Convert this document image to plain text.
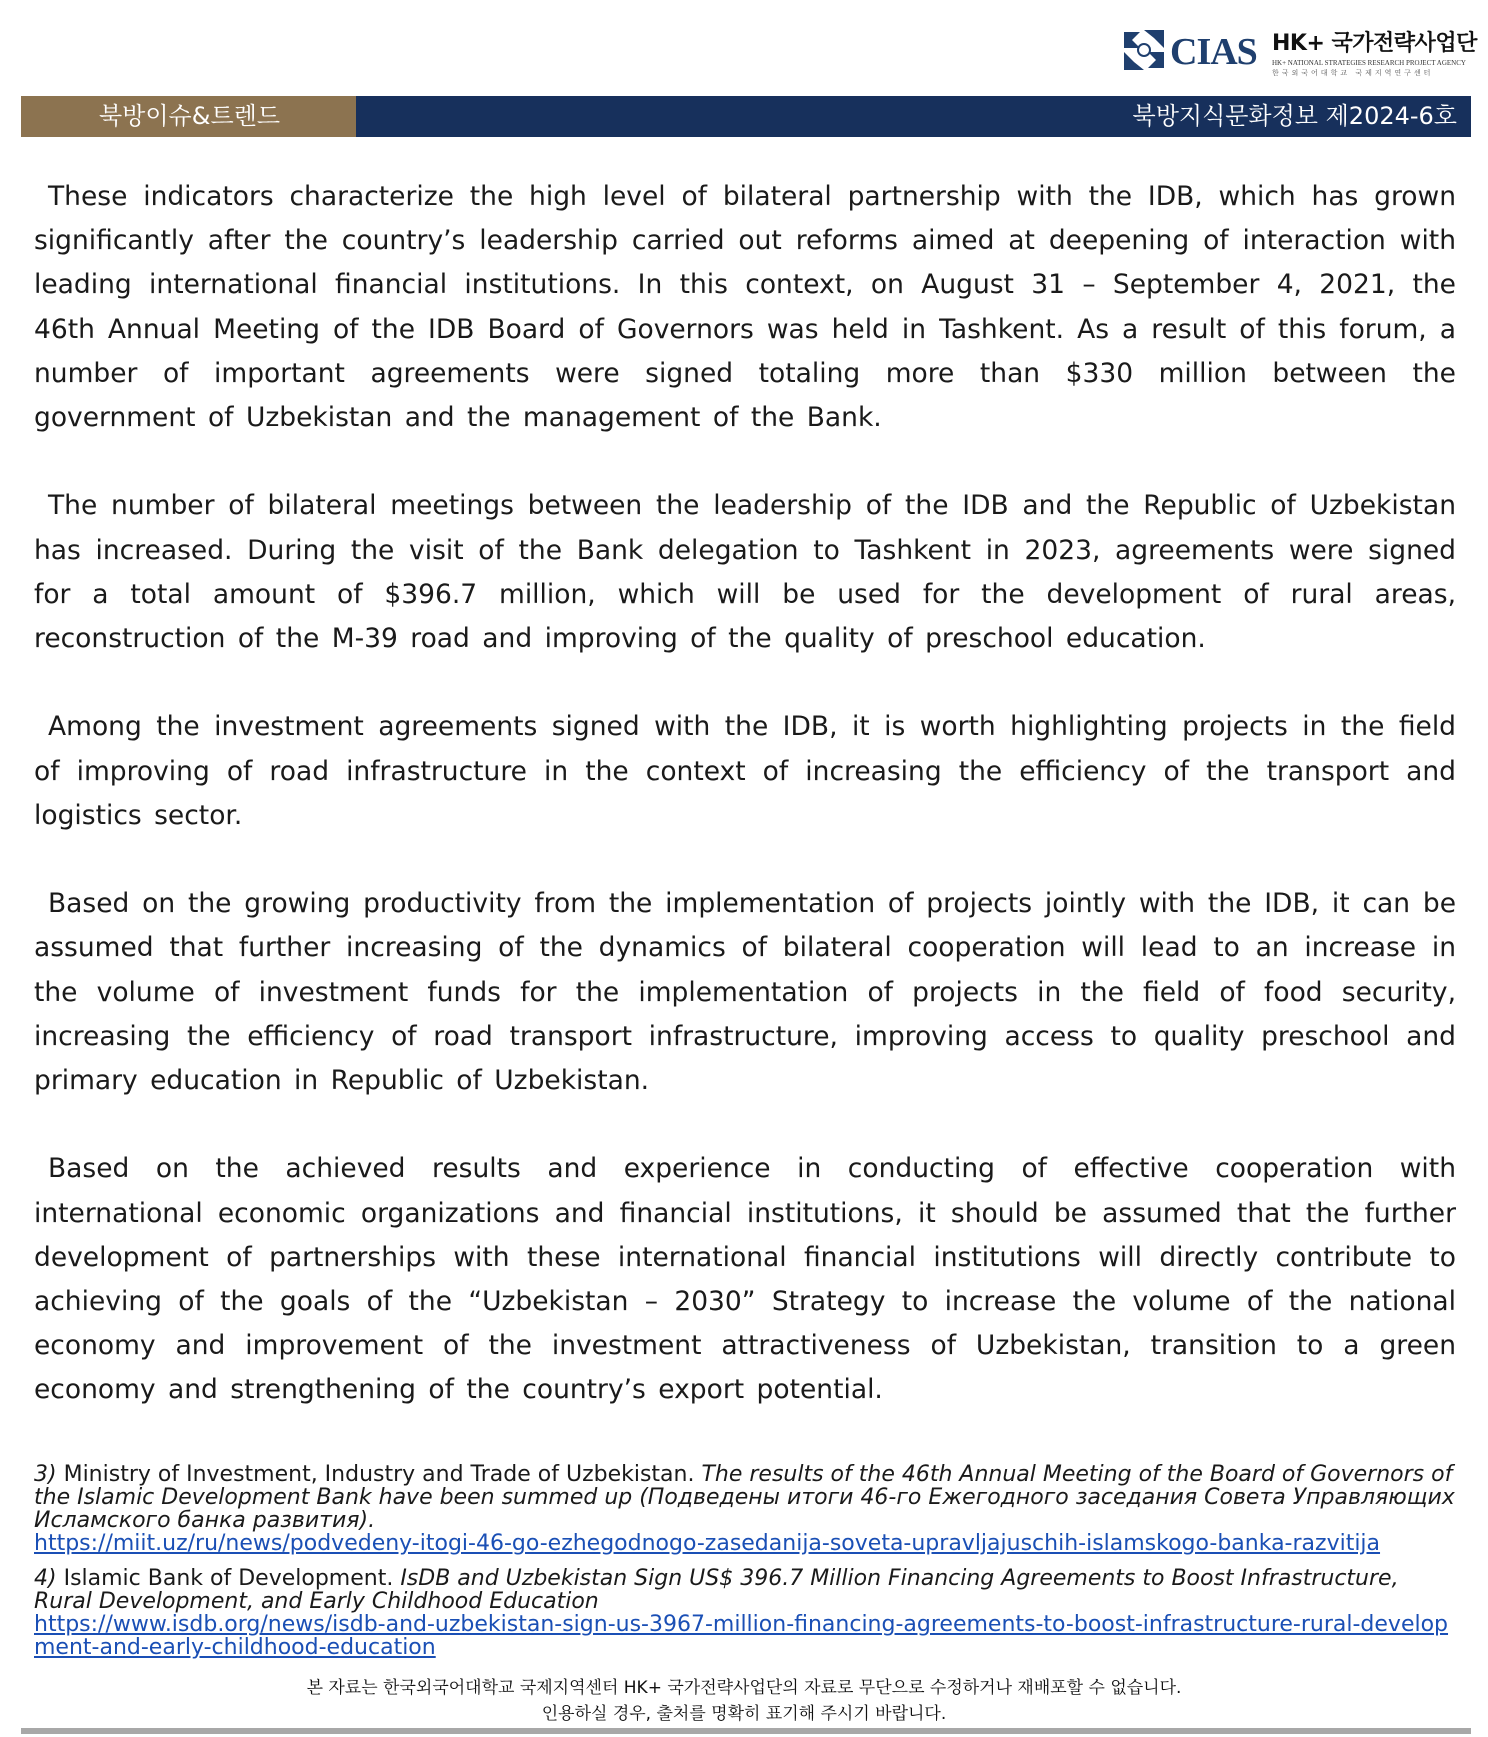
CIAS HK+ 국가전략사업단
HK+ NATIONAL STRATEGIES RESEARCH PROJECT AGENCY
한국외국어대학교 국제지역연구센터
북방이슈&트렌드	북방지식문화정보 제2024-6호

These indicators characterize the high level of bilateral partnership with the IDB, which has grown significantly after the country’s leadership carried out reforms aimed at deepening of interaction with leading international financial institutions. In this context, on August 31 – September 4, 2021, the 46th Annual Meeting of the IDB Board of Governors was held in Tashkent. As a result of this forum, a number of important agreements were signed totaling more than $330 million between the government of Uzbekistan and the management of the Bank.

The number of bilateral meetings between the leadership of the IDB and the Republic of Uzbekistan has increased. During the visit of the Bank delegation to Tashkent in 2023, agreements were signed for a total amount of $396.7 million, which will be used for the development of rural areas, reconstruction of the M-39 road and improving of the quality of preschool education.

Among the investment agreements signed with the IDB, it is worth highlighting projects in the field of improving of road infrastructure in the context of increasing the efficiency of the transport and logistics sector.

Based on the growing productivity from the implementation of projects jointly with the IDB, it can be assumed that further increasing of the dynamics of bilateral cooperation will lead to an increase in the volume of investment funds for the implementation of projects in the field of food security, increasing the efficiency of road transport infrastructure, improving access to quality preschool and primary education in Republic of Uzbekistan.

Based on the achieved results and experience in conducting of effective cooperation with international economic organizations and financial institutions, it should be assumed that the further development of partnerships with these international financial institutions will directly contribute to achieving of the goals of the “Uzbekistan – 2030” Strategy to increase the volume of the national economy and improvement of the investment attractiveness of Uzbekistan, transition to a green economy and strengthening of the country’s export potential.

3) Ministry of Investment, Industry and Trade of Uzbekistan. The results of the 46th Annual Meeting of the Board of Governors of the Islamic Development Bank have been summed up (Подведены итоги 46-го Ежегодного заседания Совета Управляющих Исламского банка развития).
https://miit.uz/ru/news/podvedeny-itogi-46-go-ezhegodnogo-zasedanija-soveta-upravljajuschih-islamskogo-banka-razvitija
4) Islamic Bank of Development. IsDB and Uzbekistan Sign US$ 396.7 Million Financing Agreements to Boost Infrastructure, Rural Development, and Early Childhood Education
https://www.isdb.org/news/isdb-and-uzbekistan-sign-us-3967-million-financing-agreements-to-boost-infrastructure-rural-development-and-early-childhood-education
본 자료는 한국외국어대학교 국제지역센터 HK+ 국가전략사업단의 자료로 무단으로 수정하거나 재배포할 수 없습니다.
인용하실 경우, 출처를 명확히 표기해 주시기 바랍니다.
